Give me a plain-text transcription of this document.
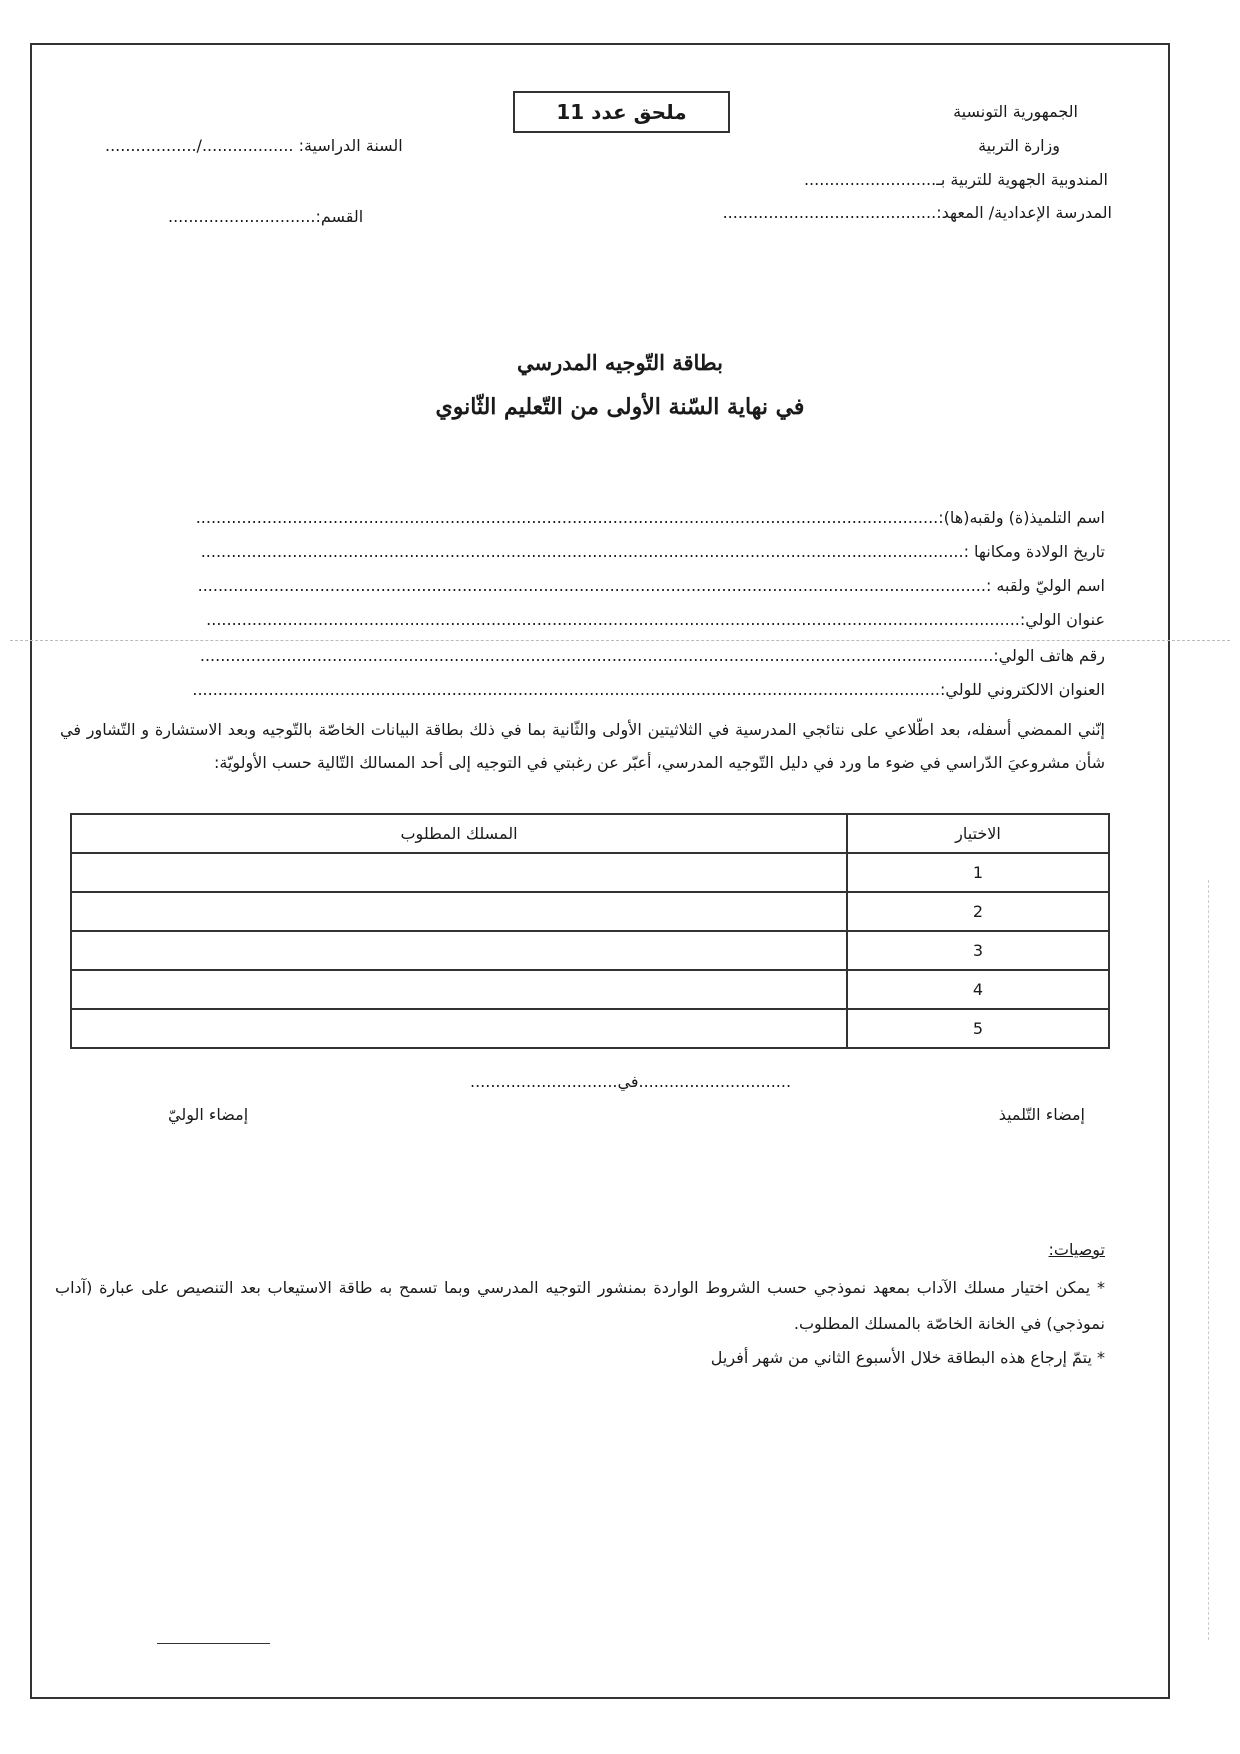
الجمهورية التونسية
وزارة التربية
المندوبية الجهوية للتربية بـ..........................
المدرسة الإعدادية/ المعهد:..........................................
ملحق عدد 11
السنة الدراسية: ................../..................
القسم:.............................
بطاقة التّوجيه المدرسي
في نهاية السّنة الأولى من التّعليم الثّانوي
اسم التلميذ(ة) ولقبه(ها):..................................................................................................................................................
تاريخ الولادة ومكانها :......................................................................................................................................................
اسم الوليّ ولقبه :...........................................................................................................................................................
عنوان الولي:................................................................................................................................................................
رقم هاتف الولي:............................................................................................................................................................
العنوان الالكتروني للولي:...................................................................................................................................................
إنّني الممضي أسفله، بعد اطّلاعي على نتائجي المدرسية في الثلاثيتين الأولى والثّانية بما في ذلك بطاقة البيانات الخاصّة بالتّوجيه وبعد الاستشارة و التّشاور في شأن مشروعيَ الدّراسي في ضوء ما ورد في دليل التّوجيه المدرسي، أعبّر عن رغبتي في التوجيه إلى أحد المسالك التّالية حسب الأولويّة:
الاختيار	المسلك المطلوب
1	
2	
3	
4	
5	
..............................في.............................
إمضاء التّلميذ
إمضاء الوليّ
توصيات:
* يمكن اختيار مسلك الآداب بمعهد نموذجي حسب الشروط الواردة بمنشور التوجيه المدرسي وبما تسمح به طاقة الاستيعاب بعد التنصيص على عبارة (آداب نموذجي) في الخانة الخاصّة بالمسلك المطلوب.
* يتمّ إرجاع هذه البطاقة خلال الأسبوع الثاني من شهر أفريل
